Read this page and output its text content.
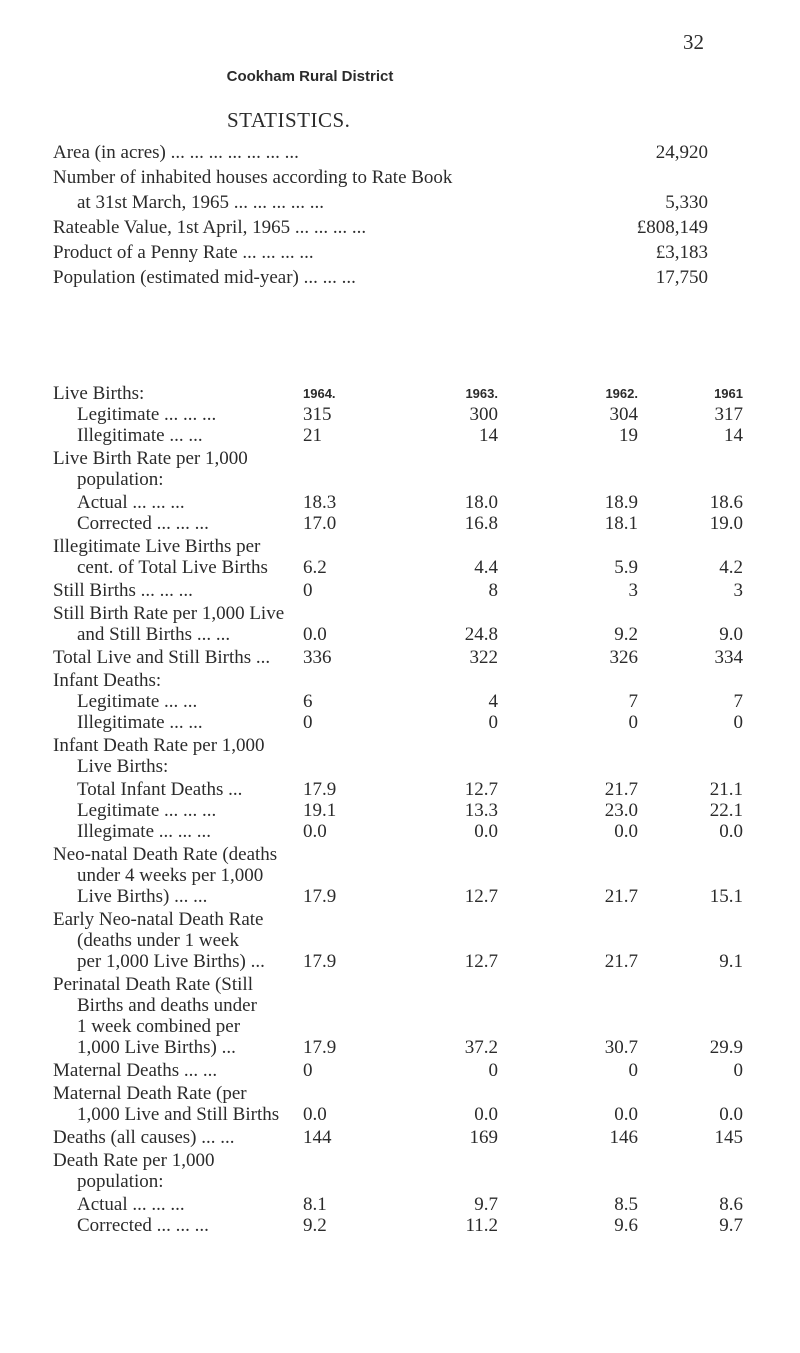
32
Cookham Rural District
STATISTICS.
Area (in acres) ... ... ... ... ... ... ...	24,920
Number of inhabited houses according to Rate Book
at 31st March, 1965 ... ... ... ... ...	5,330
Rateable Value, 1st April, 1965 ... ... ... ...	£808,149
Product of a Penny Rate ... ... ... ...	£3,183
Population (estimated mid-year) ... ... ...	17,750
Live Births:	1964.	1963.	1962.	1961
Legitimate ... ... ...	315	300	304	317
Illegitimate ... ...	21	14	19	14
Live Birth Rate per 1,000
population:
Actual ... ... ...	18.3	18.0	18.9	18.6
Corrected ... ... ...	17.0	16.8	18.1	19.0
Illegitimate Live Births per
cent. of Total Live Births	6.2	4.4	5.9	4.2
Still Births ... ... ...	0	8	3	3
Still Birth Rate per 1,000 Live
and Still Births ... ...	0.0	24.8	9.2	9.0
Total Live and Still Births ...	336	322	326	334
Infant Deaths:
Legitimate ... ...	6	4	7	7
Illegitimate ... ...	0	0	0	0
Infant Death Rate per 1,000
Live Births:
Total Infant Deaths ...	17.9	12.7	21.7	21.1
Legitimate ... ... ...	19.1	13.3	23.0	22.1
Illegimate ... ... ...	0.0	0.0	0.0	0.0
Neo-natal Death Rate (deaths
under 4 weeks per 1,000
Live Births) ... ...	17.9	12.7	21.7	15.1
Early Neo-natal Death Rate
(deaths under 1 week
per 1,000 Live Births) ...	17.9	12.7	21.7	9.1
Perinatal Death Rate (Still
Births and deaths under
1 week combined per
1,000 Live Births) ...	17.9	37.2	30.7	29.9
Maternal Deaths ... ...	0	0	0	0
Maternal Death Rate (per
1,000 Live and Still Births	0.0	0.0	0.0	0.0
Deaths (all causes) ... ...	144	169	146	145
Death Rate per 1,000
population:
Actual ... ... ...	8.1	9.7	8.5	8.6
Corrected ... ... ...	9.2	11.2	9.6	9.7
